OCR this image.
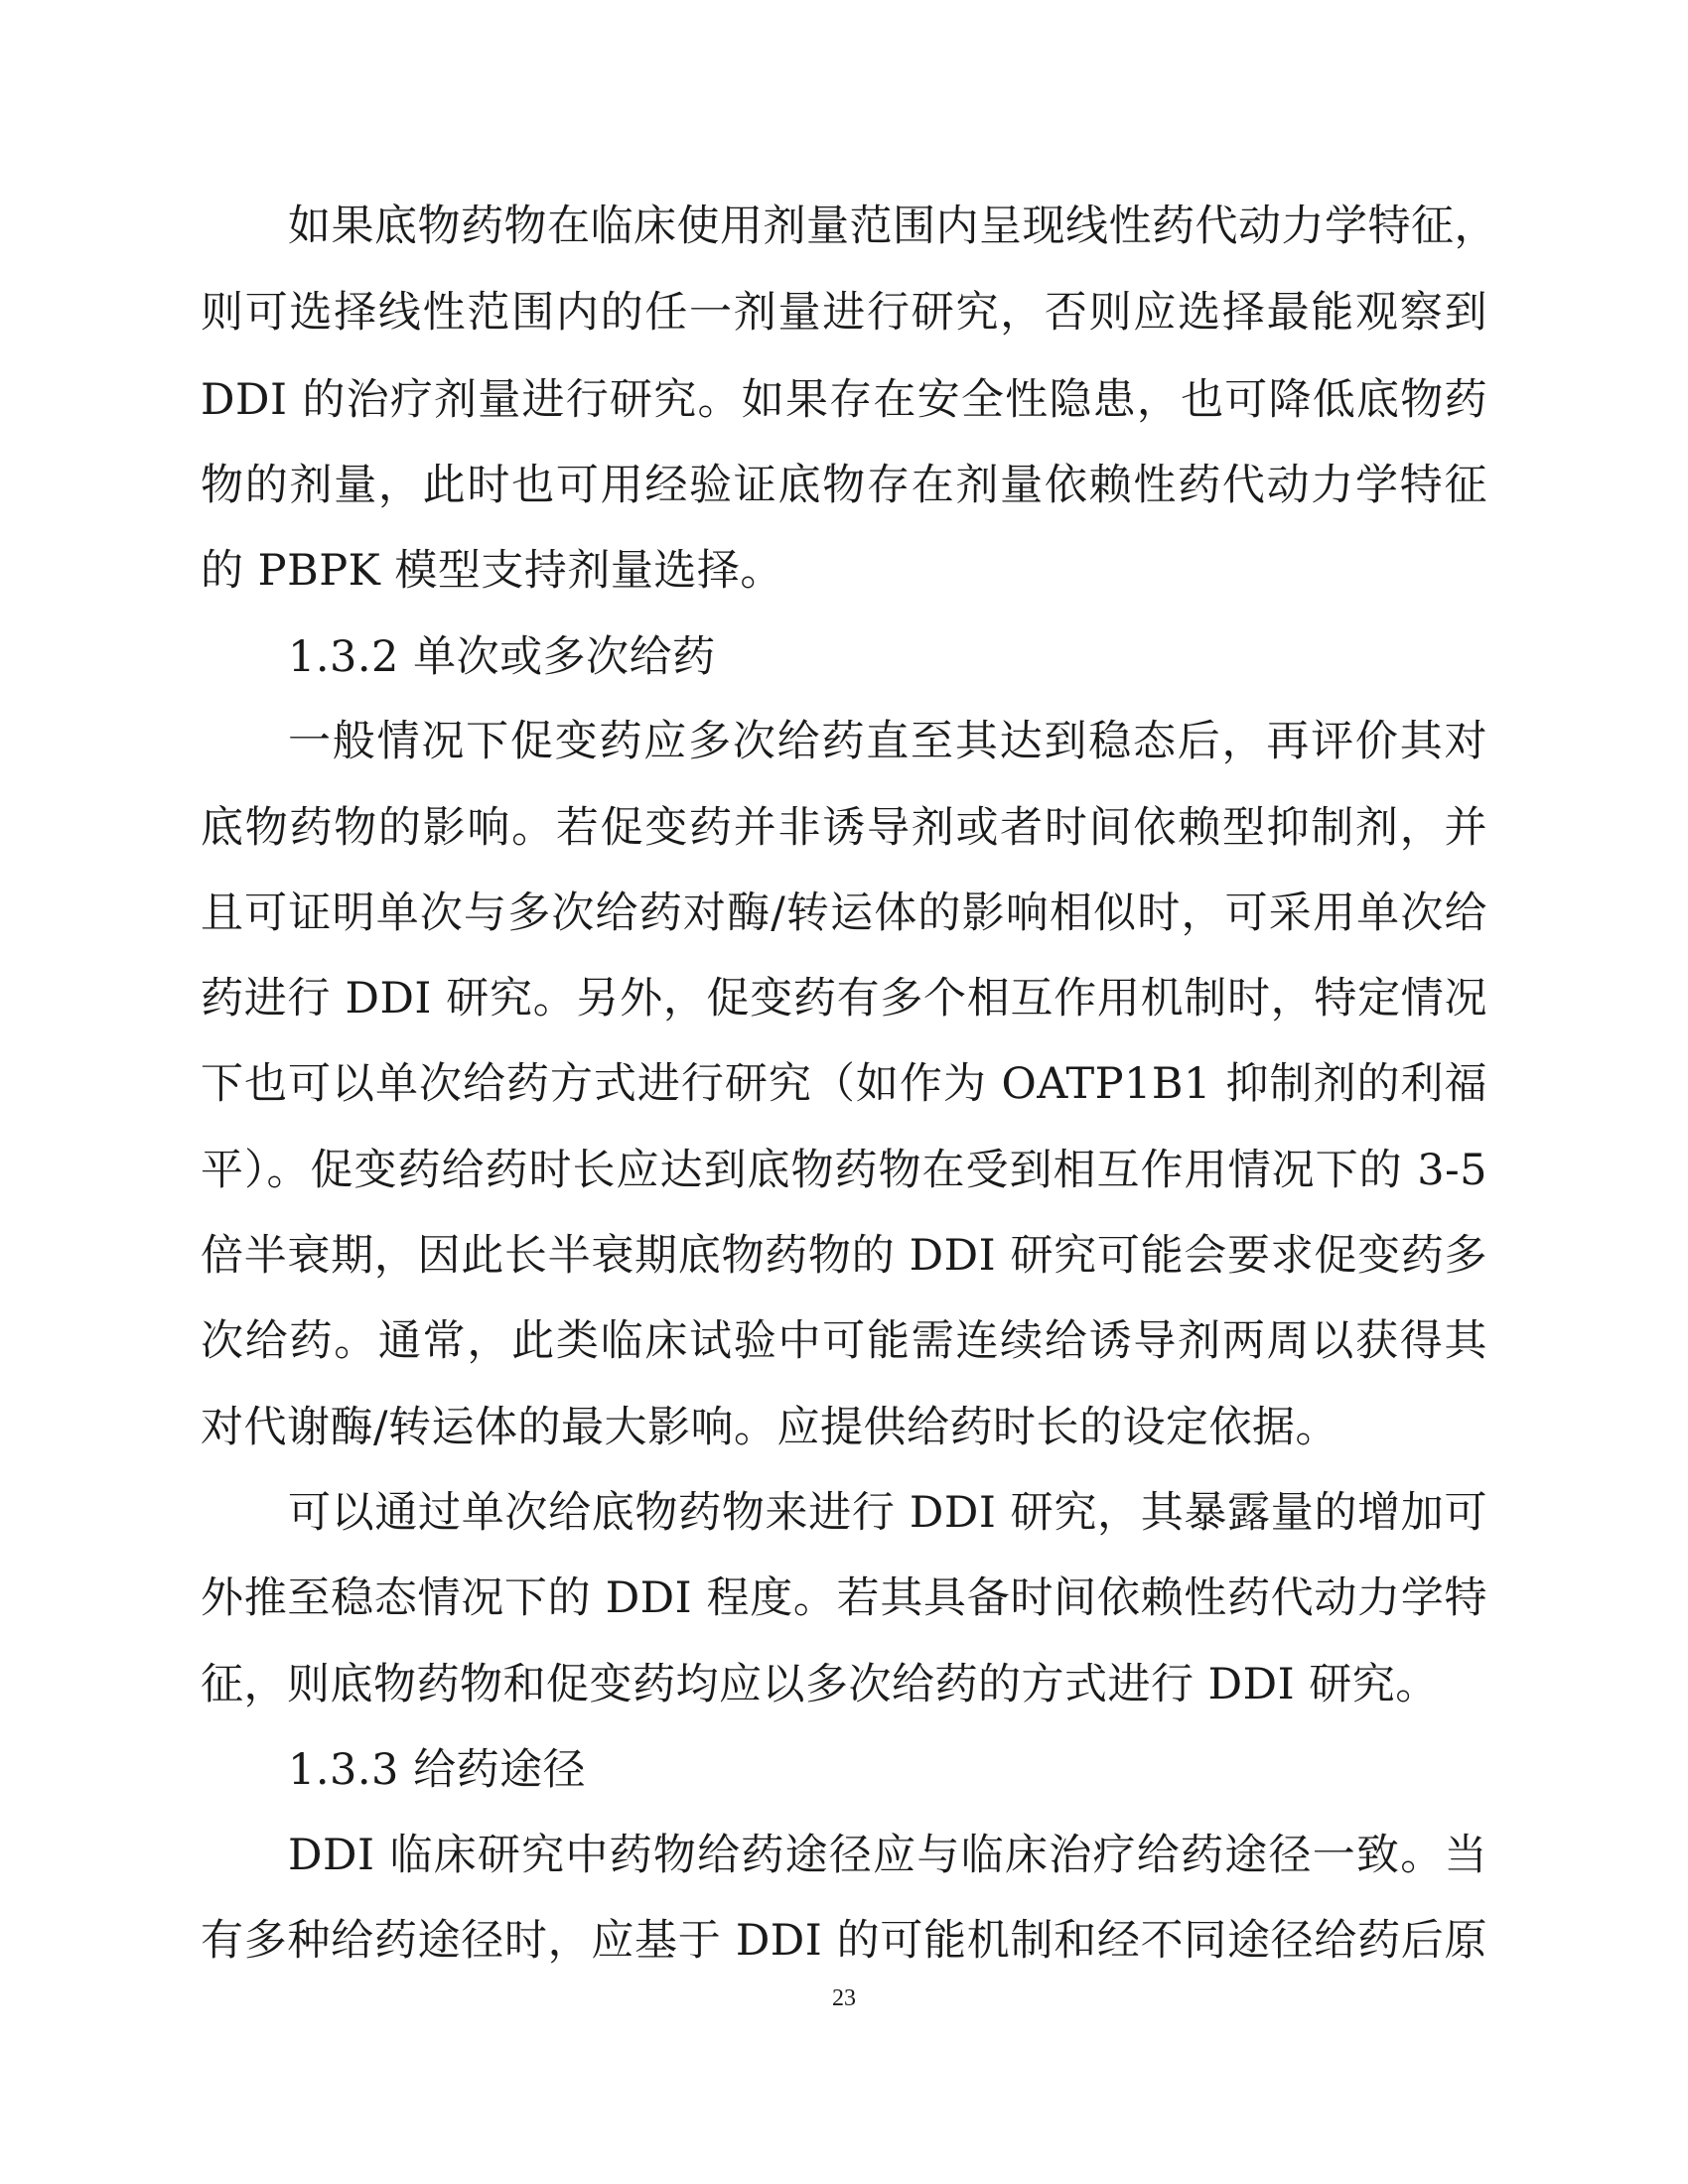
如果底物药物在临床使用剂量范围内呈现线性药代动力学特征，
则可选择线性范围内的任一剂量进行研究，否则应选择最能观察到
DDI 的治疗剂量进行研究。如果存在安全性隐患，也可降低底物药
物的剂量，此时也可用经验证底物存在剂量依赖性药代动力学特征
的 PBPK 模型支持剂量选择。
1.3.2 单次或多次给药
一般情况下促变药应多次给药直至其达到稳态后，再评价其对
底物药物的影响。若促变药并非诱导剂或者时间依赖型抑制剂，并
且可证明单次与多次给药对酶/转运体的影响相似时，可采用单次给
药进行 DDI 研究。另外，促变药有多个相互作用机制时，特定情况
下也可以单次给药方式进行研究（如作为 OATP1B1 抑制剂的利福
平）。促变药给药时长应达到底物药物在受到相互作用情况下的 3-5
倍半衰期，因此长半衰期底物药物的 DDI 研究可能会要求促变药多
次给药。通常，此类临床试验中可能需连续给诱导剂两周以获得其
对代谢酶/转运体的最大影响。应提供给药时长的设定依据。
可以通过单次给底物药物来进行 DDI 研究，其暴露量的增加可
外推至稳态情况下的 DDI 程度。若其具备时间依赖性药代动力学特
征，则底物药物和促变药均应以多次给药的方式进行 DDI 研究。
1.3.3 给药途径
DDI 临床研究中药物给药途径应与临床治疗给药途径一致。当
有多种给药途径时，应基于 DDI 的可能机制和经不同途径给药后原
23
